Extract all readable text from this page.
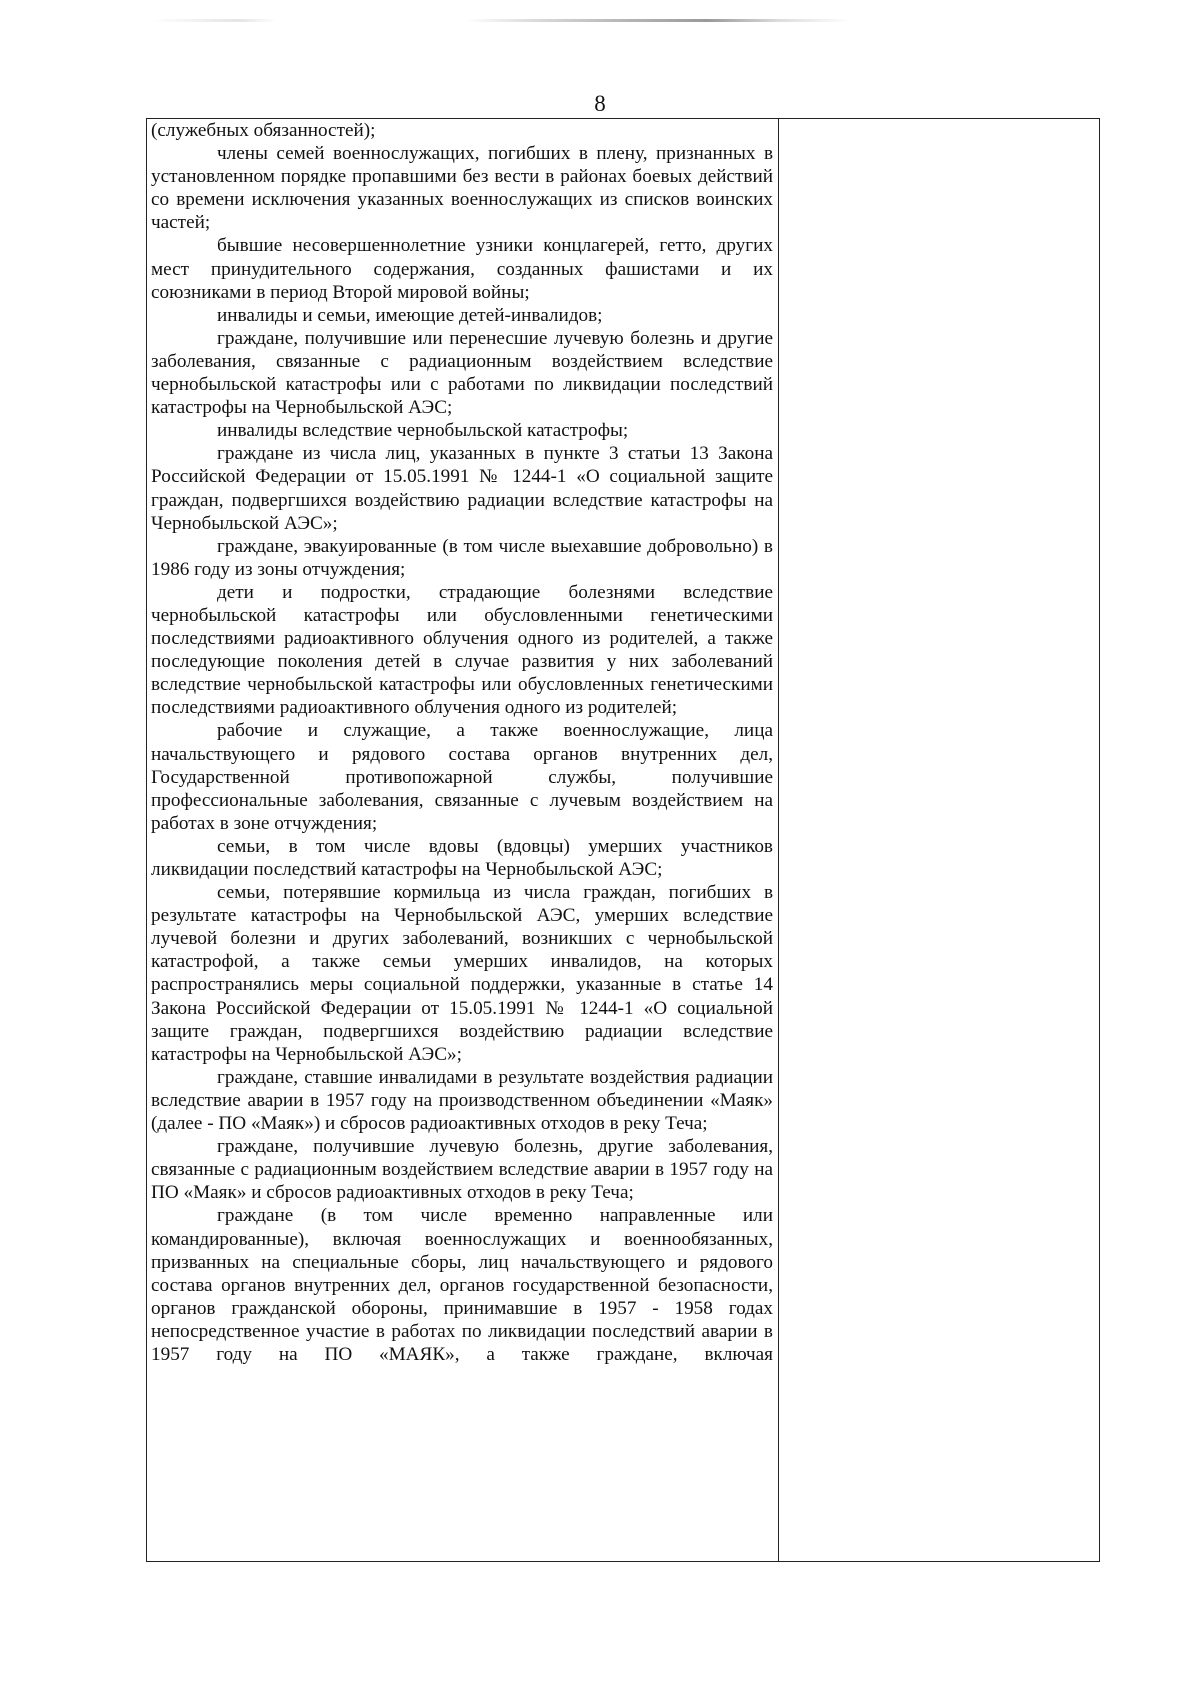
8

(служебных обязанностей);

члены семей военнослужащих, погибших в плену, признанных в установленном порядке пропавшими без вести в районах боевых действий со времени исключения указанных военнослужащих из списков воинских частей;

бывшие несовершеннолетние узники концлагерей, гетто, других мест принудительного содержания, созданных фашистами и их союзниками в период Второй мировой войны;

инвалиды и семьи, имеющие детей-инвалидов;

граждане, получившие или перенесшие лучевую болезнь и другие заболевания, связанные с радиационным воздействием вследствие чернобыльской катастрофы или с работами по ликвидации последствий катастрофы на Чернобыльской АЭС;

инвалиды вследствие чернобыльской катастрофы;

граждане из числа лиц, указанных в пункте 3 статьи 13 Закона Российской Федерации от 15.05.1991 № 1244-1 «О социальной защите граждан, подвергшихся воздействию радиации вследствие катастрофы на Чернобыльской АЭС»;

граждане, эвакуированные (в том числе выехавшие добровольно) в 1986 году из зоны отчуждения;

дети и подростки, страдающие болезнями вследствие чернобыльской катастрофы или обусловленными генетическими последствиями радиоактивного облучения одного из родителей, а также последующие поколения детей в случае развития у них заболеваний вследствие чернобыльской катастрофы или обусловленных генетическими последствиями радиоактивного облучения одного из родителей;

рабочие и служащие, а также военнослужащие, лица начальствующего и рядового состава органов внутренних дел, Государственной противопожарной службы, получившие профессиональные заболевания, связанные с лучевым воздействием на работах в зоне отчуждения;

семьи, в том числе вдовы (вдовцы) умерших участников ликвидации последствий катастрофы на Чернобыльской АЭС;

семьи, потерявшие кормильца из числа граждан, погибших в результате катастрофы на Чернобыльской АЭС, умерших вследствие лучевой болезни и других заболеваний, возникших с чернобыльской катастрофой, а также семьи умерших инвалидов, на которых распространялись меры социальной поддержки, указанные в статье 14 Закона Российской Федерации от 15.05.1991 № 1244-1 «О социальной защите граждан, подвергшихся воздействию радиации вследствие катастрофы на Чернобыльской АЭС»;

граждане, ставшие инвалидами в результате воздействия радиации вследствие аварии в 1957 году на производственном объединении «Маяк» (далее - ПО «Маяк») и сбросов радиоактивных отходов в реку Теча;

граждане, получившие лучевую болезнь, другие заболевания, связанные с радиационным воздействием вследствие аварии в 1957 году на ПО «Маяк» и сбросов радиоактивных отходов в реку Теча;

граждане (в том числе временно направленные или командированные), включая военнослужащих и военнообязанных, призванных на специальные сборы, лиц начальствующего и рядового состава органов внутренних дел, органов государственной безопасности, органов гражданской обороны, принимавшие в 1957 - 1958 годах непосредственное участие в работах по ликвидации последствий аварии в 1957 году на ПО «МАЯК», а также граждане, включая
